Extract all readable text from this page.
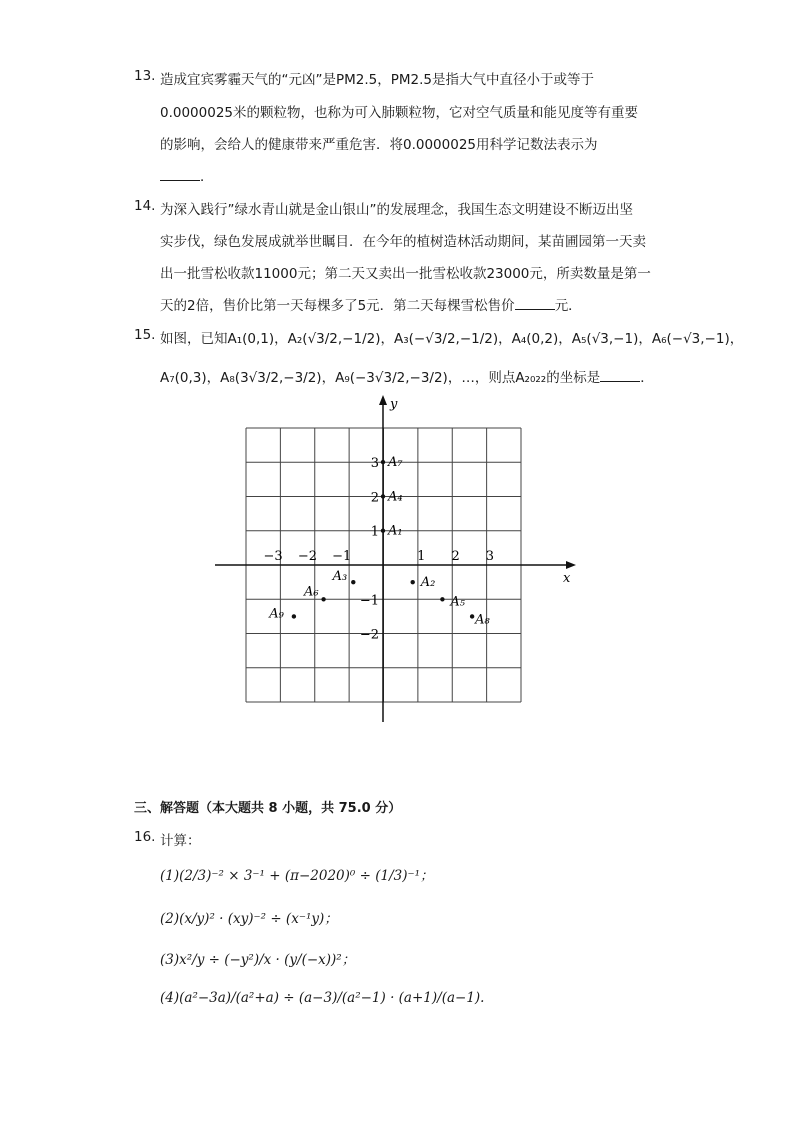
13. 造成宜宾雾霾天气的“元凶”是PM2.5，PM2.5是指大气中直径小于或等于
0.0000025米的颗粒物，也称为可入肺颗粒物，它对空气质量和能见度等有重要
的影响，会给人的健康带来严重危害．将0.0000025用科学记数法表示为
．
14. 为深入践行”绿水青山就是金山银山”的发展理念，我国生态文明建设不断迈出坚
实步伐，绿色发展成就举世瞩目．在今年的植树造林活动期间，某苗圃园第一天卖
出一批雪松收款11000元；第二天又卖出一批雪松收款23000元，所卖数量是第一
天的2倍，售价比第一天每棵多了5元．第二天每棵雪松售价	元．
15. 如图，已知A₁(0,1)，A₂(√3/2,−1/2)，A₃(−√3/2,−1/2)，A₄(0,2)，A₅(√3,−1)，A₆(−√3,−1)，
A₇(0,3)，A₈(3√3/2,−3/2)，A₉(−3√3/2,−3/2)，…，则点A₂₀₂₂的坐标是	．
x
y
−3 −2 −1	1 2 3
3
2
1
−1
−2
A₁
A₂
A₃
A₄
A₅
A₆
A₇
A₈
A₉
三、解答题（本大题共 8 小题，共 75.0 分）
16. 计算：
(1)(2/3)⁻² × 3⁻¹ + (π−2020)⁰ ÷ (1/3)⁻¹；
(2)(x/y)² · (xy)⁻² ÷ (x⁻¹y)；
(3)x²/y ÷ (−y²)/x · (y/(−x))²；
(4)(a²−3a)/(a²+a) ÷ (a−3)/(a²−1) · (a+1)/(a−1).
